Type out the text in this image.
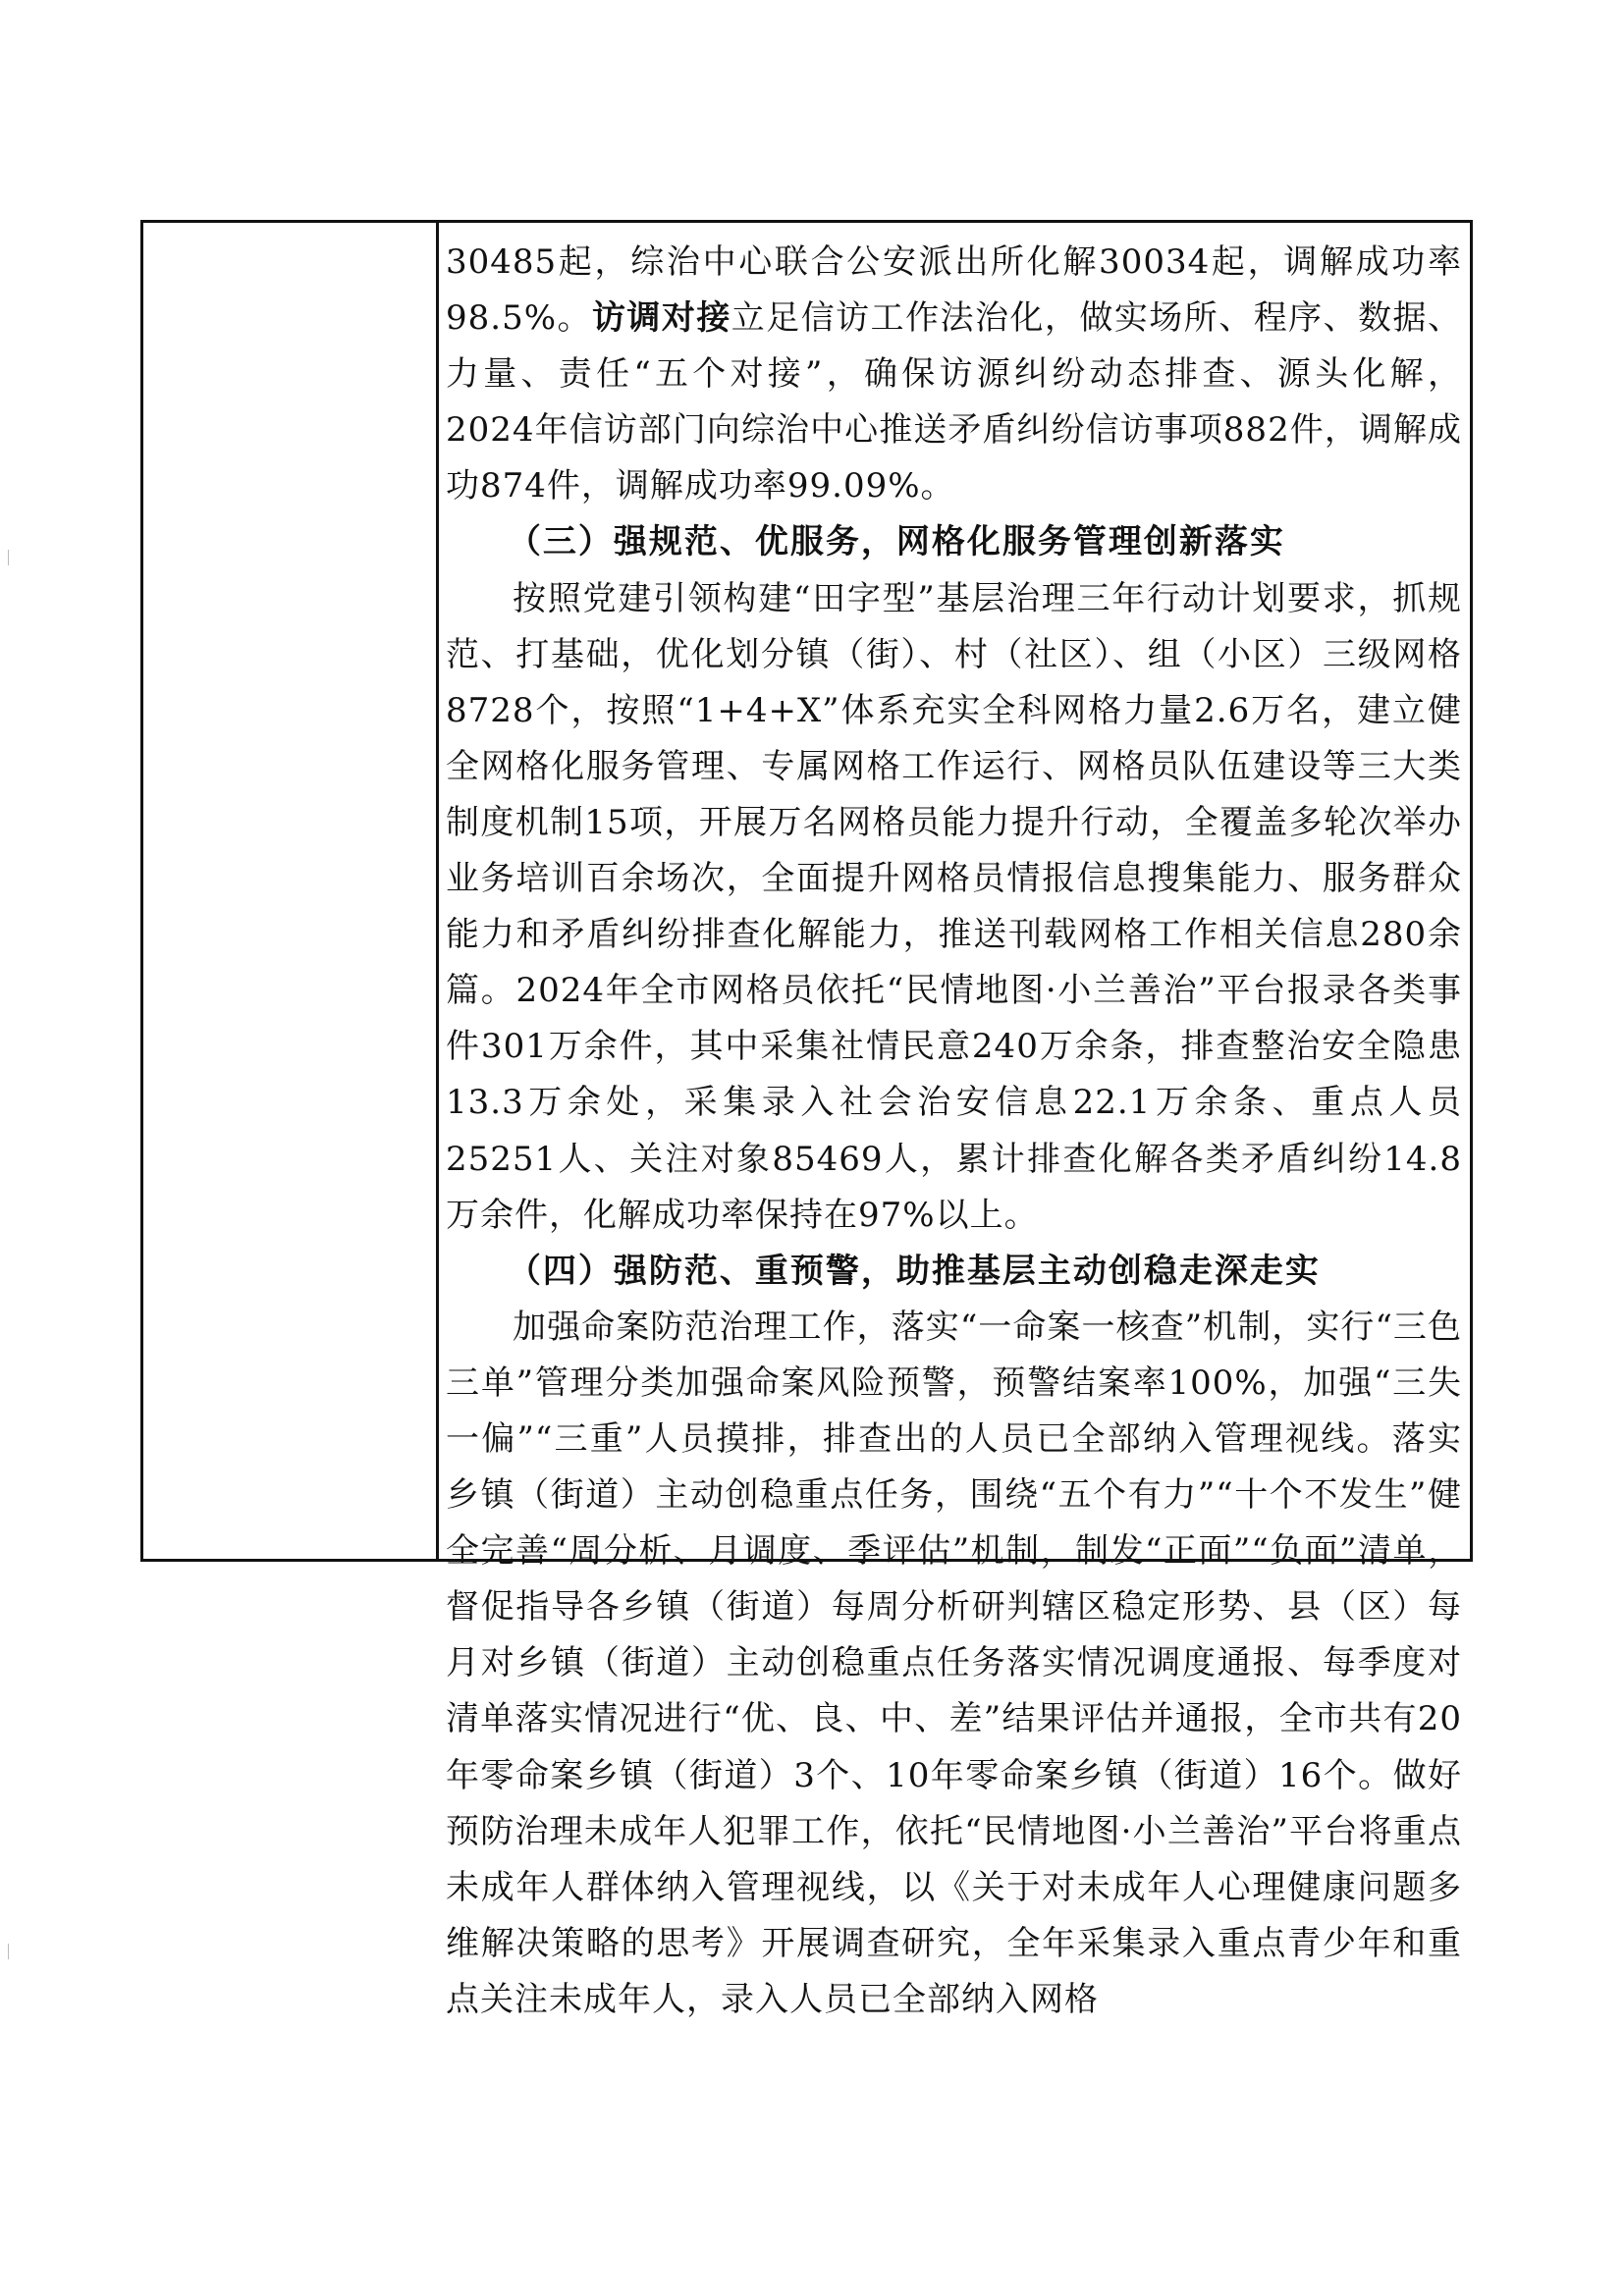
30485起，综治中心联合公安派出所化解30034起，调解成功率98.5%。访调对接立足信访工作法治化，做实场所、程序、数据、力量、责任“五个对接”，确保访源纠纷动态排查、源头化解，2024年信访部门向综治中心推送矛盾纠纷信访事项882件，调解成功874件，调解成功率99.09%。

（三）强规范、优服务，网格化服务管理创新落实

按照党建引领构建“田字型”基层治理三年行动计划要求，抓规范、打基础，优化划分镇（街）、村（社区）、组（小区）三级网格8728个，按照“1+4+X”体系充实全科网格力量2.6万名，建立健全网格化服务管理、专属网格工作运行、网格员队伍建设等三大类制度机制15项，开展万名网格员能力提升行动，全覆盖多轮次举办业务培训百余场次，全面提升网格员情报信息搜集能力、服务群众能力和矛盾纠纷排查化解能力，推送刊载网格工作相关信息280余篇。2024年全市网格员依托“民情地图·小兰善治”平台报录各类事件301万余件，其中采集社情民意240万余条，排查整治安全隐患13.3万余处，采集录入社会治安信息22.1万余条、重点人员25251人、关注对象85469人，累计排查化解各类矛盾纠纷14.8万余件，化解成功率保持在97%以上。

（四）强防范、重预警，助推基层主动创稳走深走实

加强命案防范治理工作，落实“一命案一核查”机制，实行“三色三单”管理分类加强命案风险预警，预警结案率100%，加强“三失一偏”“三重”人员摸排，排查出的人员已全部纳入管理视线。落实乡镇（街道）主动创稳重点任务，围绕“五个有力”“十个不发生”健全完善“周分析、月调度、季评估”机制，制发“正面”“负面”清单，督促指导各乡镇（街道）每周分析研判辖区稳定形势、县（区）每月对乡镇（街道）主动创稳重点任务落实情况调度通报、每季度对清单落实情况进行“优、良、中、差”结果评估并通报，全市共有20年零命案乡镇（街道）3个、10年零命案乡镇（街道）16个。做好预防治理未成年人犯罪工作，依托“民情地图·小兰善治”平台将重点未成年人群体纳入管理视线，以《关于对未成年人心理健康问题多维解决策略的思考》开展调查研究，全年采集录入重点青少年和重点关注未成年人，录入人员已全部纳入网格
